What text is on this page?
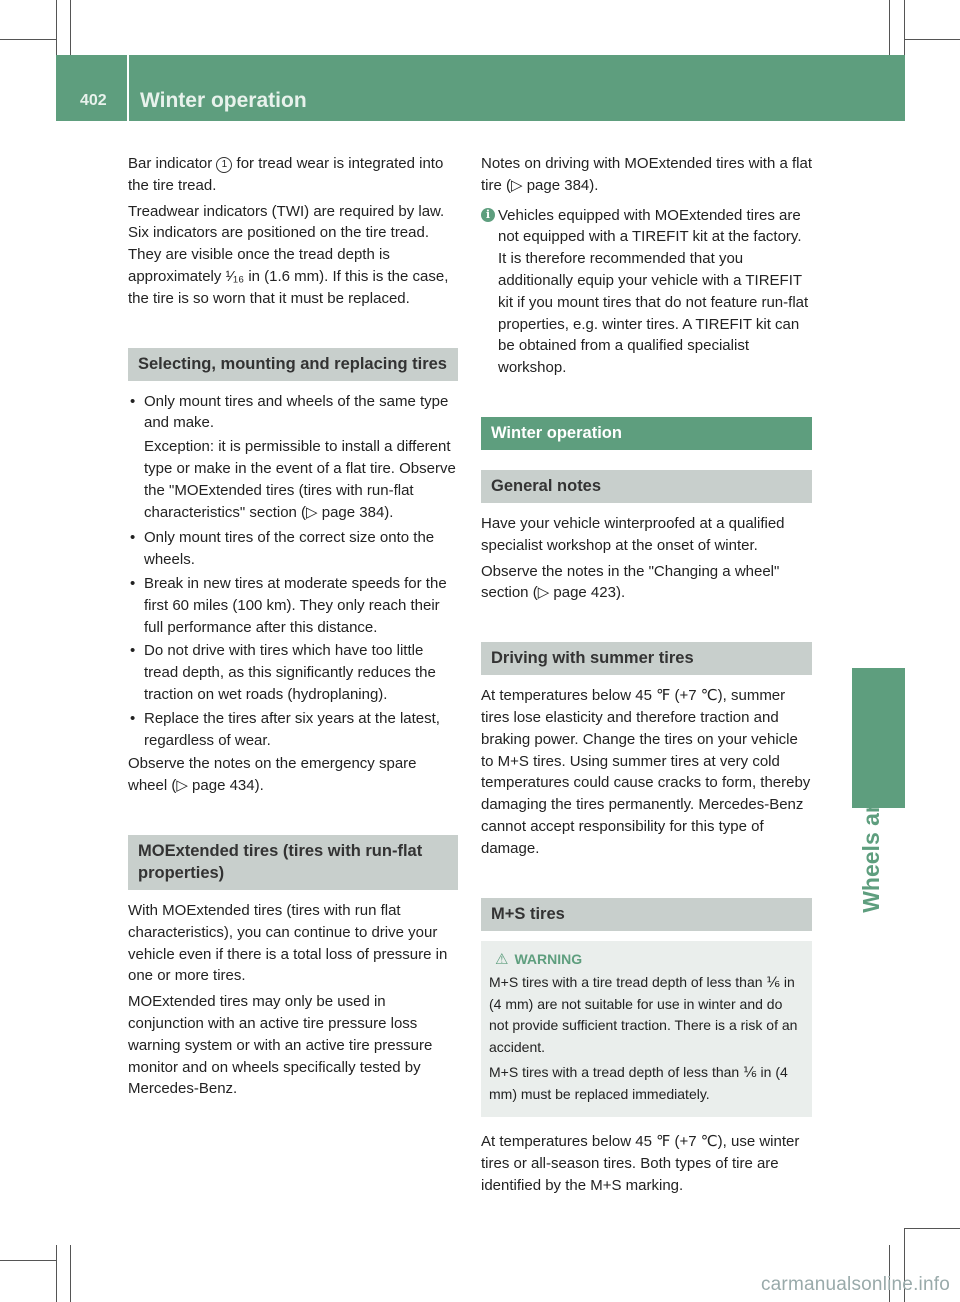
402 Winter operation
Wheels and tires

Bar indicator 1 for tread wear is integrated into the tire tread.

Treadwear indicators (TWI) are required by law. Six indicators are positioned on the tire tread. They are visible once the tread depth is approximately ¹⁄₁₆ in (1.6 mm). If this is the case, the tire is so worn that it must be replaced.

Selecting, mounting and replacing tires
• Only mount tires and wheels of the same type and make.

Exception: it is permissible to install a different type or make in the event of a flat tire. Observe the "MOExtended tires (tires with run-flat characteristics" section (▷ page 384).

• Only mount tires of the correct size onto the wheels.
• Break in new tires at moderate speeds for the first 60 miles (100 km). They only reach their full performance after this distance.
• Do not drive with tires which have too little tread depth, as this significantly reduces the traction on wet roads (hydroplaning).
• Replace the tires after six years at the latest, regardless of wear.

Observe the notes on the emergency spare wheel (▷ page 434).

MOExtended tires (tires with run-flat properties)

With MOExtended tires (tires with run flat characteristics), you can continue to drive your vehicle even if there is a total loss of pressure in one or more tires.

MOExtended tires may only be used in conjunction with an active tire pressure loss warning system or with an active tire pressure monitor and on wheels specifically tested by Mercedes-Benz.

Notes on driving with MOExtended tires with a flat tire (▷ page 384).

i Vehicles equipped with MOExtended tires are not equipped with a TIREFIT kit at the factory. It is therefore recommended that you additionally equip your vehicle with a TIREFIT kit if you mount tires that do not feature run-flat properties, e.g. winter tires. A TIREFIT kit can be obtained from a qualified specialist workshop.
Winter operation
General notes

Have your vehicle winterproofed at a qualified specialist workshop at the onset of winter.

Observe the notes in the "Changing a wheel" section (▷ page 423).

Driving with summer tires

At temperatures below 45 ℉ (+7 ℃), summer tires lose elasticity and therefore traction and braking power. Change the tires on your vehicle to M+S tires. Using summer tires at very cold temperatures could cause cracks to form, thereby damaging the tires permanently. Mercedes-Benz cannot accept responsibility for this type of damage.

M+S tires
⚠ WARNING

M+S tires with a tire tread depth of less than ⅙ in (4 mm) are not suitable for use in winter and do not provide sufficient traction. There is a risk of an accident.

M+S tires with a tread depth of less than ⅙ in (4 mm) must be replaced immediately.

At temperatures below 45 ℉ (+7 ℃), use winter tires or all-season tires. Both types of tire are identified by the M+S marking.

carmanualsonline.info
